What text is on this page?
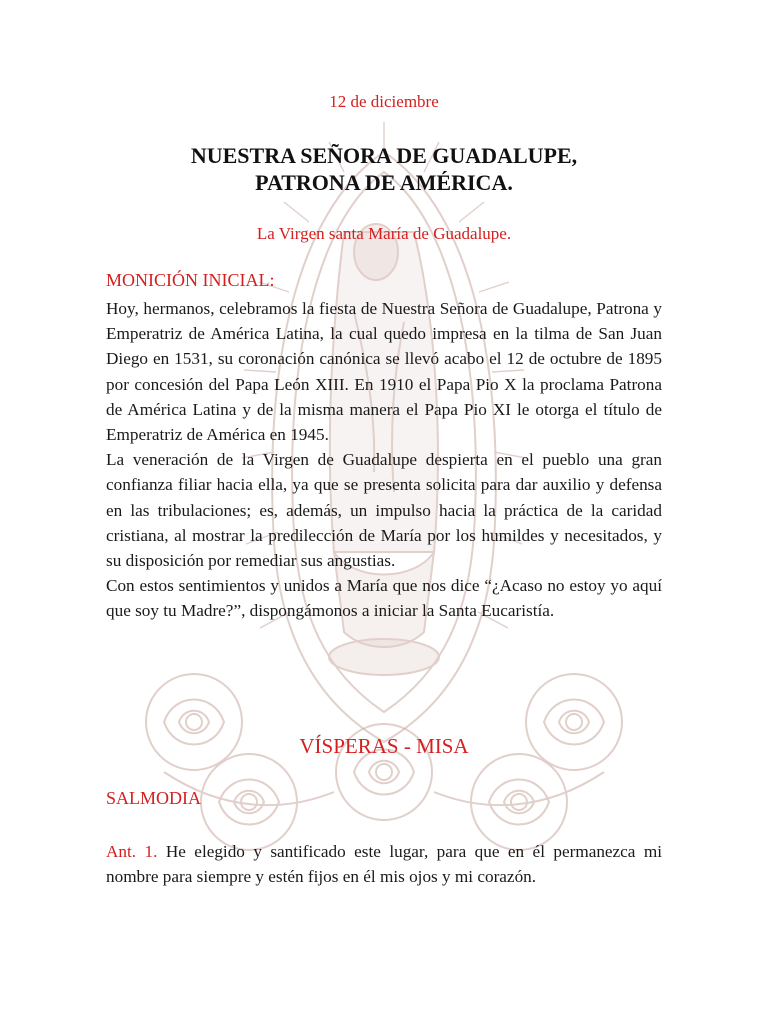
12 de diciembre
NUESTRA SEÑORA DE GUADALUPE,
PATRONA DE AMÉRICA.
La Virgen santa María de Guadalupe.
MONICIÓN INICIAL:

Hoy, hermanos, celebramos la fiesta de Nuestra Señora de Guadalupe, Patrona y Emperatriz de América Latina, la cual quedo impresa en la tilma de San Juan Diego en 1531, su coronación canónica se llevó acabo el 12 de octubre de 1895 por concesión del Papa León XIII. En 1910 el Papa Pio X la proclama Patrona de América Latina y de la misma manera el Papa Pio XI le otorga el título de Emperatriz de América en 1945.

La veneración de la Virgen de Guadalupe despierta en el pueblo una gran confianza filiar hacia ella, ya que se presenta solicita para dar auxilio y defensa en las tribulaciones; es, además, un impulso hacia la práctica de la caridad cristiana, al mostrar la predilección de María por los humildes y necesitados, y su disposición por remediar sus angustias.

Con estos sentimientos y unidos a María que nos dice “¿Acaso no estoy yo aquí que soy tu Madre?”, dispongámonos a iniciar la Santa Eucaristía.

VÍSPERAS - MISA
SALMODIA

Ant. 1. He elegido y santificado este lugar, para que en él permanezca mi nombre para siempre y estén fijos en él mis ojos y mi corazón.
